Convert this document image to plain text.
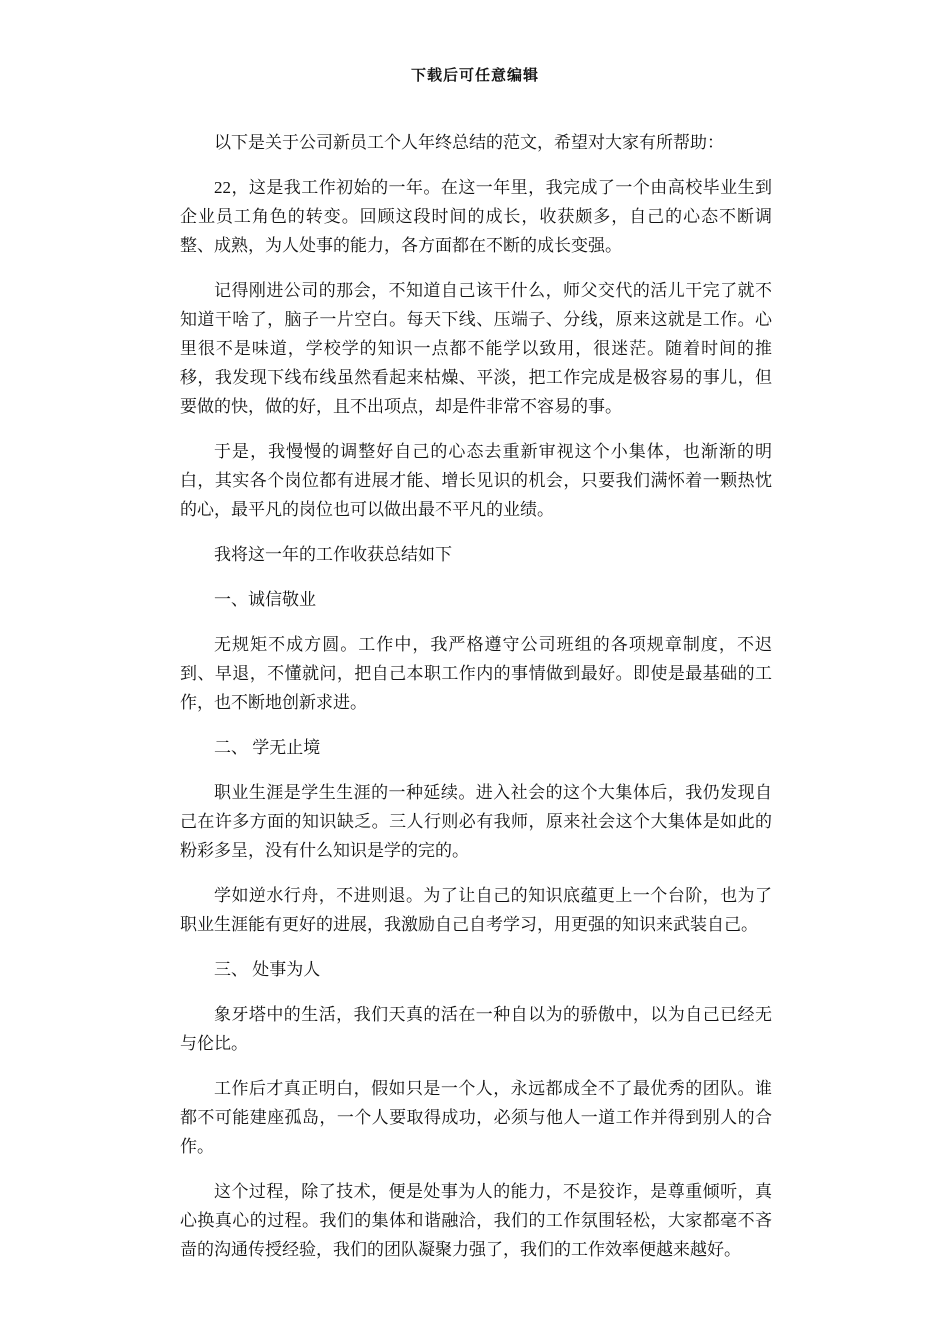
下载后可任意编辑

以下是关于公司新员工个人年终总结的范文，希望对大家有所帮助：

22，这是我工作初始的一年。在这一年里，我完成了一个由高校毕业生到企业员工角色的转变。回顾这段时间的成长，收获颇多，自己的心态不断调整、成熟，为人处事的能力，各方面都在不断的成长变强。

记得刚进公司的那会，不知道自己该干什么，师父交代的活儿干完了就不知道干啥了，脑子一片空白。每天下线、压端子、分线，原来这就是工作。心里很不是味道，学校学的知识一点都不能学以致用，很迷茫。随着时间的推移，我发现下线布线虽然看起来枯燥、平淡，把工作完成是极容易的事儿，但要做的快，做的好，且不出项点，却是件非常不容易的事。

于是，我慢慢的调整好自己的心态去重新审视这个小集体，也渐渐的明白，其实各个岗位都有进展才能、增长见识的机会，只要我们满怀着一颗热忱的心，最平凡的岗位也可以做出最不平凡的业绩。

我将这一年的工作收获总结如下

一、诚信敬业

无规矩不成方圆。工作中，我严格遵守公司班组的各项规章制度，不迟到、早退，不懂就问，把自己本职工作内的事情做到最好。即使是最基础的工作，也不断地创新求进。

二、 学无止境

职业生涯是学生生涯的一种延续。进入社会的这个大集体后，我仍发现自己在许多方面的知识缺乏。三人行则必有我师，原来社会这个大集体是如此的粉彩多呈，没有什么知识是学的完的。

学如逆水行舟，不进则退。为了让自己的知识底蕴更上一个台阶，也为了职业生涯能有更好的进展，我激励自己自考学习，用更强的知识来武装自己。

三、 处事为人

象牙塔中的生活，我们天真的活在一种自以为的骄傲中，以为自己已经无与伦比。

工作后才真正明白，假如只是一个人，永远都成全不了最优秀的团队。谁都不可能建座孤岛，一个人要取得成功，必须与他人一道工作并得到别人的合作。

这个过程，除了技术，便是处事为人的能力，不是狡诈，是尊重倾听，真心换真心的过程。我们的集体和谐融洽，我们的工作氛围轻松，大家都毫不吝啬的沟通传授经验，我们的团队凝聚力强了，我们的工作效率便越来越好。
